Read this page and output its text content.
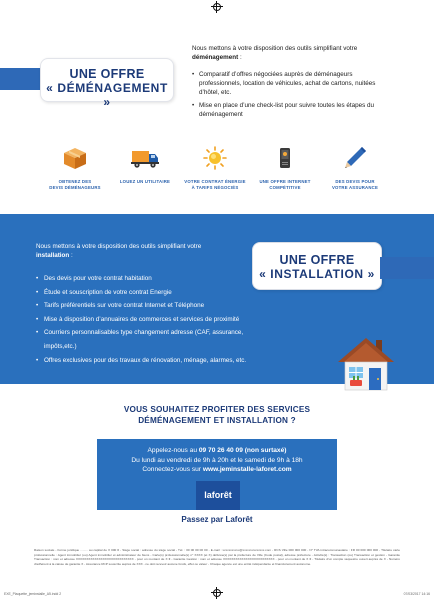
UNE OFFRE
« DÉMÉNAGEMENT »

Nous mettons à votre disposition des outils simplifiant votre déménagement :

• Comparatif d’offres négociées auprès de déménageurs professionnels, location de véhicules, achat de cartons, nuitées d’hôtel, etc.
• Mise en place d’une check-list pour suivre toutes les étapes du déménagement
OBTENEZ DES
DEVIS DÉMÉNAGEURS
LOUEZ UN UTILITAIRE	VOTRE CONTRAT ÉNERGIE
À TARIFS NÉGOCIÉS
UNE OFFRE INTERNET
COMPÉTITIVE
DES DEVIS POUR
VOTRE ASSURANCE

Nous mettons à votre disposition des outils simplifiant votre installation :

• Des devis pour votre contrat habitation
• Étude et souscription de votre contrat Energie
• Tarifs préférentiels sur votre contrat Internet et Téléphone
• Mise à disposition d’annuaires de commerces et services de proximité
• Courriers personnalisables type changement adresse (CAF, assurance, impôts,etc.)
• Offres exclusives pour des travaux de rénovation, ménage, alarmes, etc.
UNE OFFRE
« INSTALLATION »

VOUS SOUHAITEZ PROFITER DES SERVICES
DÉMÉNAGEMENT ET INSTALLATION ?

Appelez-nous au 09 70 26 40 09 (non surtaxé)

Du lundi au vendredi de 9h à 20h et le samedi de 9h à 18h

Connectez-vous sur www.jeminstalle-laforet.com

laforêt

Passez par Laforêt

Raison sociale - Forme juridique ......... au capital de X 000 € - Siège social : adresse du siège social - Tél. : 00 00 00 00 00 - E-mail : xxxxxxxxxxx@xxxxxxxxxxxxxx.com - RCS Ville 000 000 000 - N° TVA intracommunautaire : FR 00 000 000 000 - Titulaire carte professionnelle : Agent immobilier (ou) Agent immobilier et administrateur de biens - Carte(s) professionnelle(s) n° XXXX (et X) délivrée(s) par la préfecture de Ville (Code postal), adresse préfecture - Activité(s) : Transaction (ou) Transaction et gestion - Garantie Transaction : nom et adresse XXXXXXXXXXXXXXXXXXXXXXXXXXXX - pour un montant de X € - Garantie Gestion : nom et adresse XXXXXXXXXXXXXXXXXXXXXXXXX - pour un montant de X € - Titulaire d'un compte séquestre ouvert auprès de X - Numéro d'adhérent à la caisse de garantie X - Assurance RCP souscrite auprès de XXX - ne doit recevoir aucune fonds, effet ou valeur - Chaque agence est une entité indépendante et financièrement autonome.

EXE_Plaquette_jeminstalle_A5.indd 2	07/03/2017 14:16
